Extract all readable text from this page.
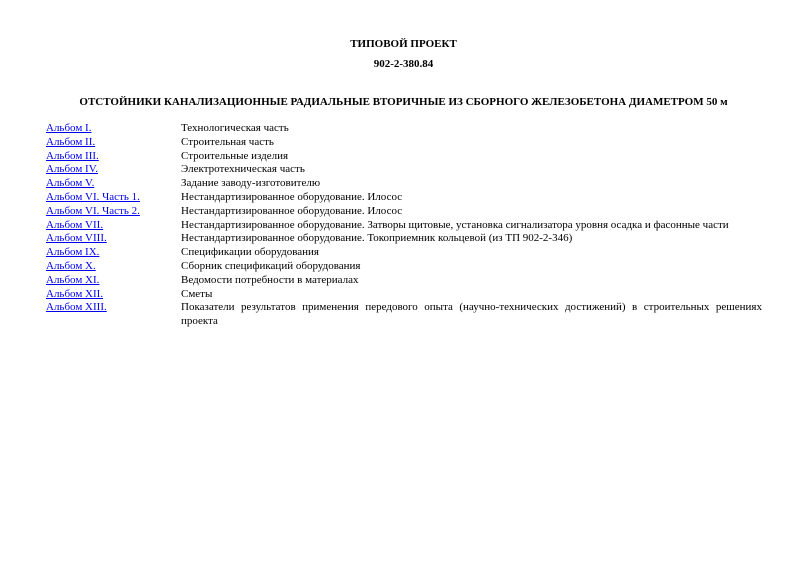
ТИПОВОЙ ПРОЕКТ
902-2-380.84
ОТСТОЙНИКИ КАНАЛИЗАЦИОННЫЕ РАДИАЛЬНЫЕ ВТОРИЧНЫЕ ИЗ СБОРНОГО ЖЕЛЕЗОБЕТОНА ДИАМЕТРОМ 50 м
Альбом I.	Технологическая часть
Альбом II.	Строительная часть
Альбом III.	Строительные изделия
Альбом IV.	Электротехническая часть
Альбом V.	Задание заводу-изготовителю
Альбом VI. Часть 1.	Нестандартизированное оборудование. Илосос
Альбом VI. Часть 2.	Нестандартизированное оборудование. Илосос
Альбом VII.	Нестандартизированное оборудование. Затворы щитовые, установка сигнализатора уровня осадка и фасонные части
Альбом VIII.	Нестандартизированное оборудование. Токоприемник кольцевой (из ТП 902-2-346)
Альбом IX.	Спецификации оборудования
Альбом X.	Сборник спецификаций оборудования
Альбом XI.	Ведомости потребности в материалах
Альбом XII.	Сметы
Альбом XIII.	Показатели результатов применения передового опыта (научно-технических достижений) в строительных решениях проекта
